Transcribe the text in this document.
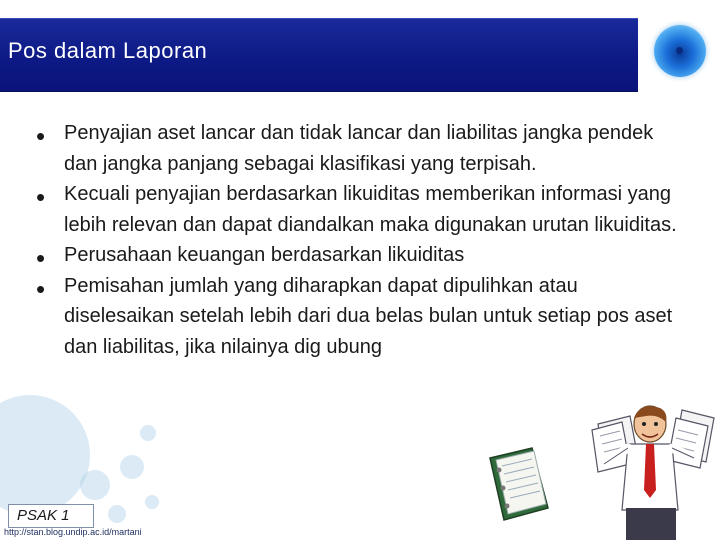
Pos dalam Laporan
• Penyajian aset lancar dan tidak lancar dan liabilitas jangka pendek dan jangka panjang sebagai klasifikasi yang terpisah.
• Kecuali penyajian berdasarkan likuiditas memberikan informasi yang lebih relevan dan dapat diandalkan maka digunakan urutan likuiditas.
• Perusahaan keuangan berdasarkan likuiditas
• Pemisahan jumlah yang diharapkan dapat dipulihkan atau diselesaikan setelah lebih dari dua belas bulan untuk setiap pos aset dan liabilitas, jika nilainya dig ubung
PSAK 1
http://stan.blog.undip.ac.id/martani
